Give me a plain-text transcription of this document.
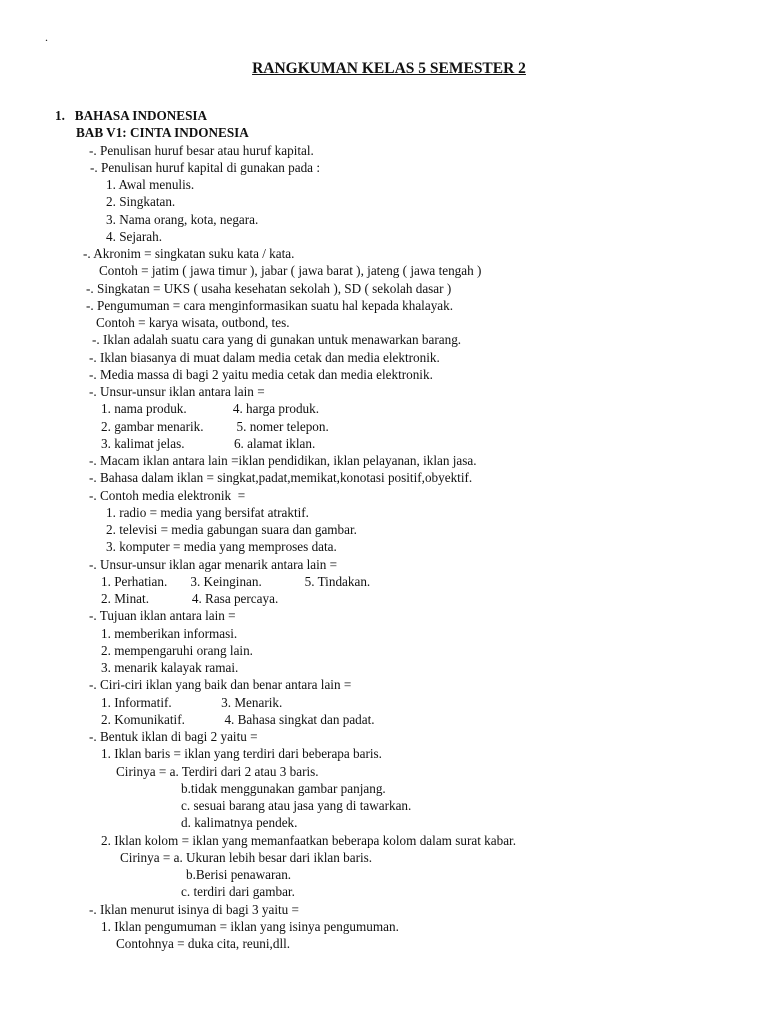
.
RANGKUMAN KELAS 5 SEMESTER 2
1.   BAHASA INDONESIA
BAB V1: CINTA INDONESIA
-. Penulisan huruf besar atau huruf kapital.
-. Penulisan huruf kapital di gunakan pada :
1. Awal menulis.
2. Singkatan.
3. Nama orang, kota, negara.
4. Sejarah.
-. Akronim = singkatan suku kata / kata.
Contoh = jatim ( jawa timur ), jabar ( jawa barat ), jateng ( jawa tengah )
-. Singkatan = UKS ( usaha kesehatan sekolah ), SD ( sekolah dasar )
-. Pengumuman = cara menginformasikan suatu hal kepada khalayak.
Contoh = karya wisata, outbond, tes.
-. Iklan adalah suatu cara yang di gunakan untuk menawarkan barang.
-. Iklan biasanya di muat dalam media cetak dan media elektronik.
-. Media massa di bagi 2 yaitu media cetak dan media elektronik.
-. Unsur-unsur iklan antara lain =
1. nama produk.              4. harga produk.
2. gambar menarik.          5. nomer telepon.
3. kalimat jelas.               6. alamat iklan.
-. Macam iklan antara lain =iklan pendidikan, iklan pelayanan, iklan jasa.
-. Bahasa dalam iklan = singkat,padat,memikat,konotasi positif,obyektif.
-. Contoh media elektronik  =
1. radio = media yang bersifat atraktif.
2. televisi = media gabungan suara dan gambar.
3. komputer = media yang memproses data.
-. Unsur-unsur iklan agar menarik antara lain =
1. Perhatian.       3. Keinginan.             5. Tindakan.
2. Minat.             4. Rasa percaya.
-. Tujuan iklan antara lain =
1. memberikan informasi.
2. mempengaruhi orang lain.
3. menarik kalayak ramai.
-. Ciri-ciri iklan yang baik dan benar antara lain =
1. Informatif.               3. Menarik.
2. Komunikatif.            4. Bahasa singkat dan padat.
-. Bentuk iklan di bagi 2 yaitu =
1. Iklan baris = iklan yang terdiri dari beberapa baris.
Cirinya = a. Terdiri dari 2 atau 3 baris.
b.tidak menggunakan gambar panjang.
c. sesuai barang atau jasa yang di tawarkan.
d. kalimatnya pendek.
2. Iklan kolom = iklan yang memanfaatkan beberapa kolom dalam surat kabar.
Cirinya = a. Ukuran lebih besar dari iklan baris.
b.Berisi penawaran.
c. terdiri dari gambar.
-. Iklan menurut isinya di bagi 3 yaitu =
1. Iklan pengumuman = iklan yang isinya pengumuman.
Contohnya = duka cita, reuni,dll.
